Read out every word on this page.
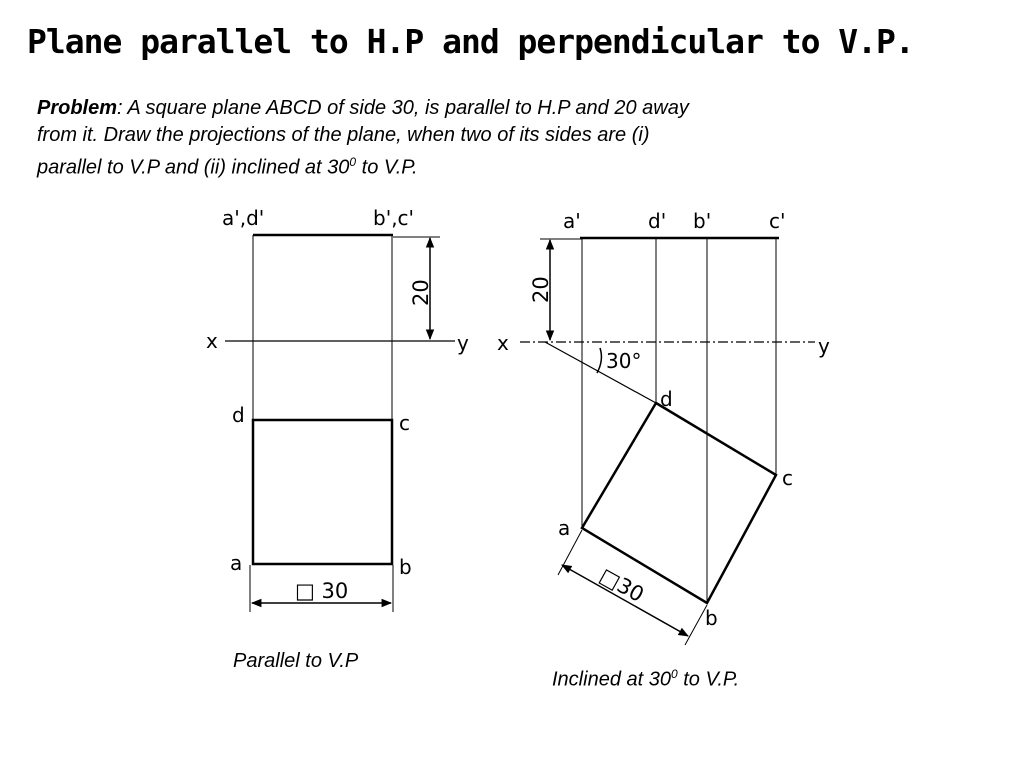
Plane parallel to H.P and perpendicular to V.P.
Problem: A square plane ABCD of side 30, is parallel to H.P and 20 away
from it. Draw the projections of the plane, when two of its sides are (i)
parallel to V.P and (ii) inclined at $30^0$ to V.P.
a',d'	b',c'
x	y
20
d	c
a	b
□ 30
a'	d' b'	c'
x	y
20
30°
d
c
a
b
□30
Parallel to V.P
Inclined at $30^0$ to V.P.
